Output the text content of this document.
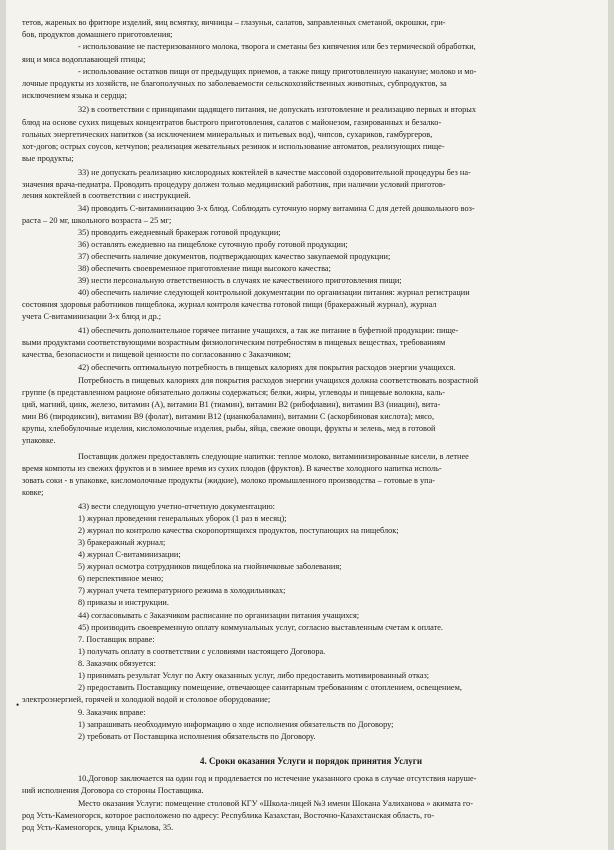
тетов, жареных во фритюре изделий, яиц всмятку, яичницы – глазуньи, салатов, заправленных сметаной, окрошки, гри-
бов, продуктов домашнего приготовления;
- использование не пастеризованного молока, творога и сметаны без кипячения или без термической обработки,
яиц и мяса водоплавающей птицы;
- использование остатков пищи от предыдущих приемов, а также пищу приготовленную накануне; молоко и мо-
лочные продукты из хозяйств, не благополучных по заболеваемости сельскохозяйственных животных, субпродуктов, за
исключением языка и сердца;
32) в соответствии с принципами щадящего питания, не допускать изготовление и реализацию первых и вторых
блюд на основе сухих пищевых концентратов быстрого приготовления, салатов с майонезом, газированных и безалко-
гольных энергетических напитков (за исключением минеральных и питьевых вод), чипсов, сухариков, гамбургеров,
хот-догов; острых соусов, кетчупов; реализация жевательных резинок и использование автоматов, реализующих пище-
вые продукты;
33) не допускать реализацию кислородных коктейлей в качестве массовой оздоровительной процедуры без на-
значения врача-педиатра. Проводить процедуру должен только медицинский работник, при наличии условий приготов-
ления коктейлей в соответствии с инструкцией.
34) проводить С-витаминизацию 3-х блюд. Соблюдать суточную норму витамина С для детей дошкольного воз-
раста – 20 мг, школьного возраста – 25 мг;
35) проводить ежедневный бракераж готовой продукции;
36) оставлять ежедневно на пищеблоке суточную пробу готовой продукции;
37) обеспечить наличие документов, подтверждающих качество закупаемой продукции;
38) обеспечить своевременное приготовление пищи высокого качества;
39) нести персональную ответственность в случаях не качественного приготовления пищи;
40) обеспечить наличие следующей контрольной документации по организации питания: журнал регистрации
состояния здоровья работников пищеблока, журнал контроля качества готовой пищи (бракеражный журнал), журнал
учета С-витаминизации 3-х блюд и др.;
41) обеспечить дополнительное горячее питание учащихся, а так же питание в буфетной продукции: пище-
выми продуктами соответствующими возрастным физиологическим потребностям в пищевых веществах, требованиям
качества, безопасности и пищевой ценности по согласованию с Заказчиком;
42) обеспечить оптимальную потребность в пищевых калориях для покрытия расходов энергии учащихся.
Потребность в пищевых калориях для покрытия расходов энергии учащихся должна соответствовать возрастной
группе (в представленном рационе обязательно должны содержаться; белки, жиры, углеводы и пищевые волокна, каль-
ций, магний, цинк, железо, витамин (А), витамин В1 (тиамин), витамин В2 (рибофлавин), витамин В3 (ниацин), вита-
мин В6 (пиродиксин), витамин В9 (фолат), витамин В12 (цианкобаламин), витамин С (аскорбиновая кислота); мясо,
крупы, хлебобулочные изделия, кисломолочные изделия, рыбы, яйца, свежие овощи, фрукты и зелень, мед в готовой
упаковке.
Поставщик должен предоставлять следующие напитки: теплое молоко, витаминизированные кисели, в летнее
время компоты из свежих фруктов и в зимнее время из сухих плодов (фруктов). В качестве холодного напитка исполь-
зовать соки - в упаковке, кисломолочные продукты (жидкие), молоко промышленного производства – готовые в упа-
ковке;
43) вести следующую учетно-отчетную документацию:
1) журнал проведения генеральных уборок (1 раз в месяц);
2) журнал по контролю качества скоропортящихся продуктов, поступающих на пищеблок;
3) бракеражный журнал;
4) журнал С-витаминизации;
5) журнал осмотра сотрудников пищеблока на гнойничковые заболевания;
6) перспективное меню;
7) журнал учета температурного режима в холодильниках;
8) приказы и инструкции.
44) согласовывать с Заказчиком расписание по организации питания учащихся;
45) производить своевременную оплату коммунальных услуг, согласно выставленным счетам к оплате.
7. Поставщик вправе:
1) получать оплату в соответствии с условиями настоящего Договора.
8. Заказчик обязуется:
1) принимать результат Услуг по Акту оказанных услуг, либо предоставить мотивированный отказ;
2) предоставить Поставщику помещение, отвечающее санитарным требованиям с отоплением, освещением,
электроэнергией, горячей и холодной водой и столовое оборудование;
9. Заказчик вправе:
1) запрашивать необходимую информацию о ходе исполнения обязательств по Договору;
2) требовать от Поставщика исполнения обязательств по Договору.
4. Сроки оказания Услуги и порядок принятия Услуги
10.Договор заключается на один год и продлевается по истечение указанного срока в случае отсутствия наруше-
ний исполнения Договора со стороны Поставщика.
Место оказания Услуги: помещение столовой КГУ «Школа-лицей №3 имени Шокана Уалиханова » акимата го-
род Усть-Каменогорск, которое расположено по адресу: Республика Казахстан, Восточно-Казахстанская область, го-
род Усть-Каменогорск, улица Крылова, 35.
•
